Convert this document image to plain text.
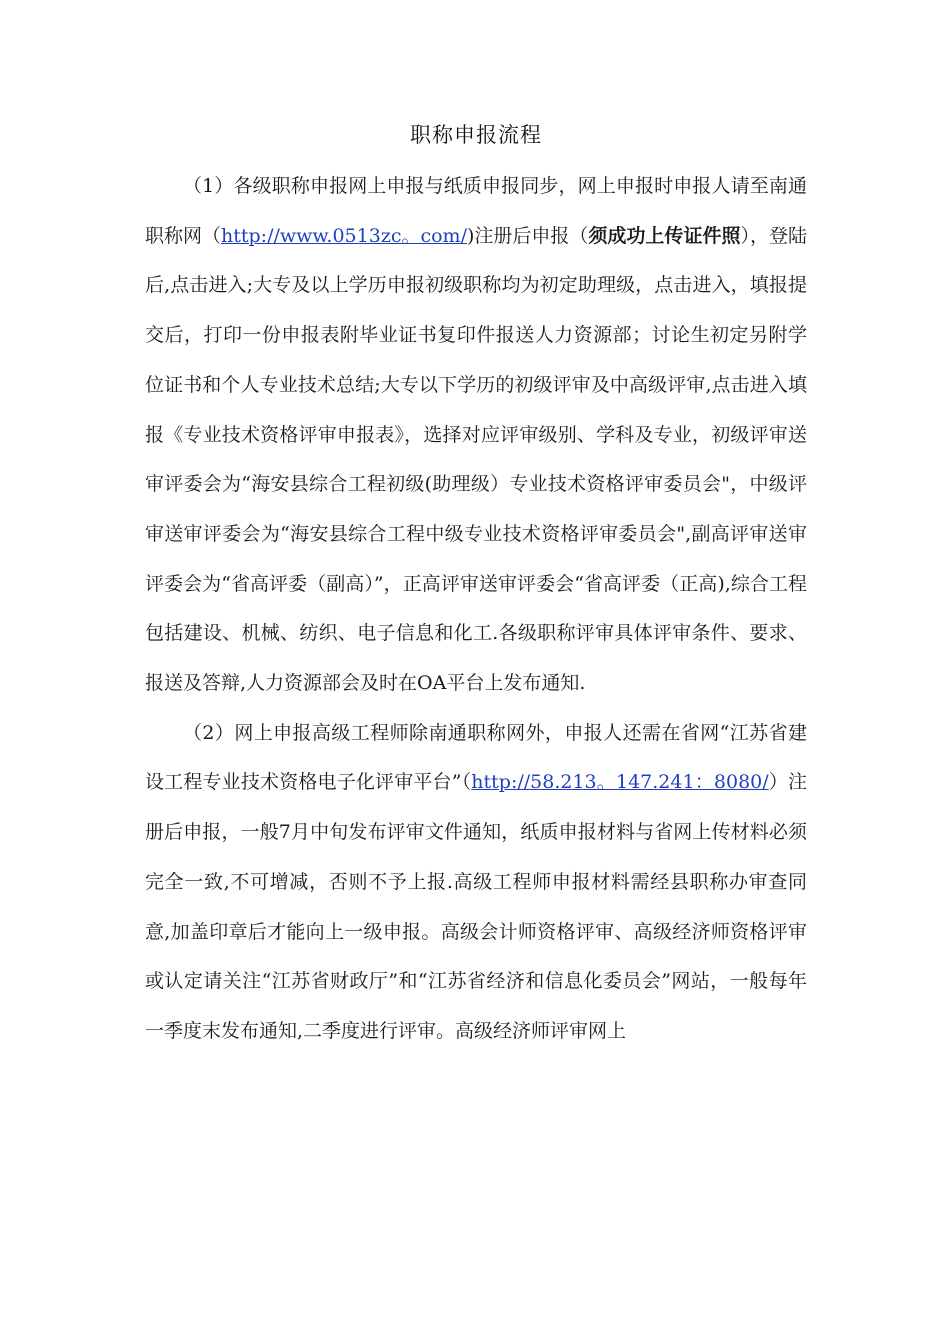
职称申报流程

（1）各级职称申报网上申报与纸质申报同步，网上申报时申报人请至南通职称网（http://www.0513zc。com/)注册后申报（须成功上传证件照），登陆后,点击进入;大专及以上学历申报初级职称均为初定助理级，点击进入，填报提交后，打印一份申报表附毕业证书复印件报送人力资源部；讨论生初定另附学位证书和个人专业技术总结;大专以下学历的初级评审及中高级评审,点击进入填报《专业技术资格评审申报表》，选择对应评审级别、学科及专业，初级评审送审评委会为“海安县综合工程初级(助理级）专业技术资格评审委员会"，中级评审送审评委会为“海安县综合工程中级专业技术资格评审委员会",副高评审送审评委会为“省高评委（副高）”，正高评审送审评委会“省高评委（正高),综合工程包括建设、机械、纺织、电子信息和化工.各级职称评审具体评审条件、要求、报送及答辩,人力资源部会及时在OA平台上发布通知.

（2）网上申报高级工程师除南通职称网外，申报人还需在省网“江苏省建设工程专业技术资格电子化评审平台”（http://58.213。147.241：8080/）注册后申报，一般7月中旬发布评审文件通知，纸质申报材料与省网上传材料必须完全一致,不可增减，否则不予上报.高级工程师申报材料需经县职称办审查同意,加盖印章后才能向上一级申报。高级会计师资格评审、高级经济师资格评审或认定请关注“江苏省财政厅”和“江苏省经济和信息化委员会”网站，一般每年一季度末发布通知,二季度进行评审。高级经济师评审网上
